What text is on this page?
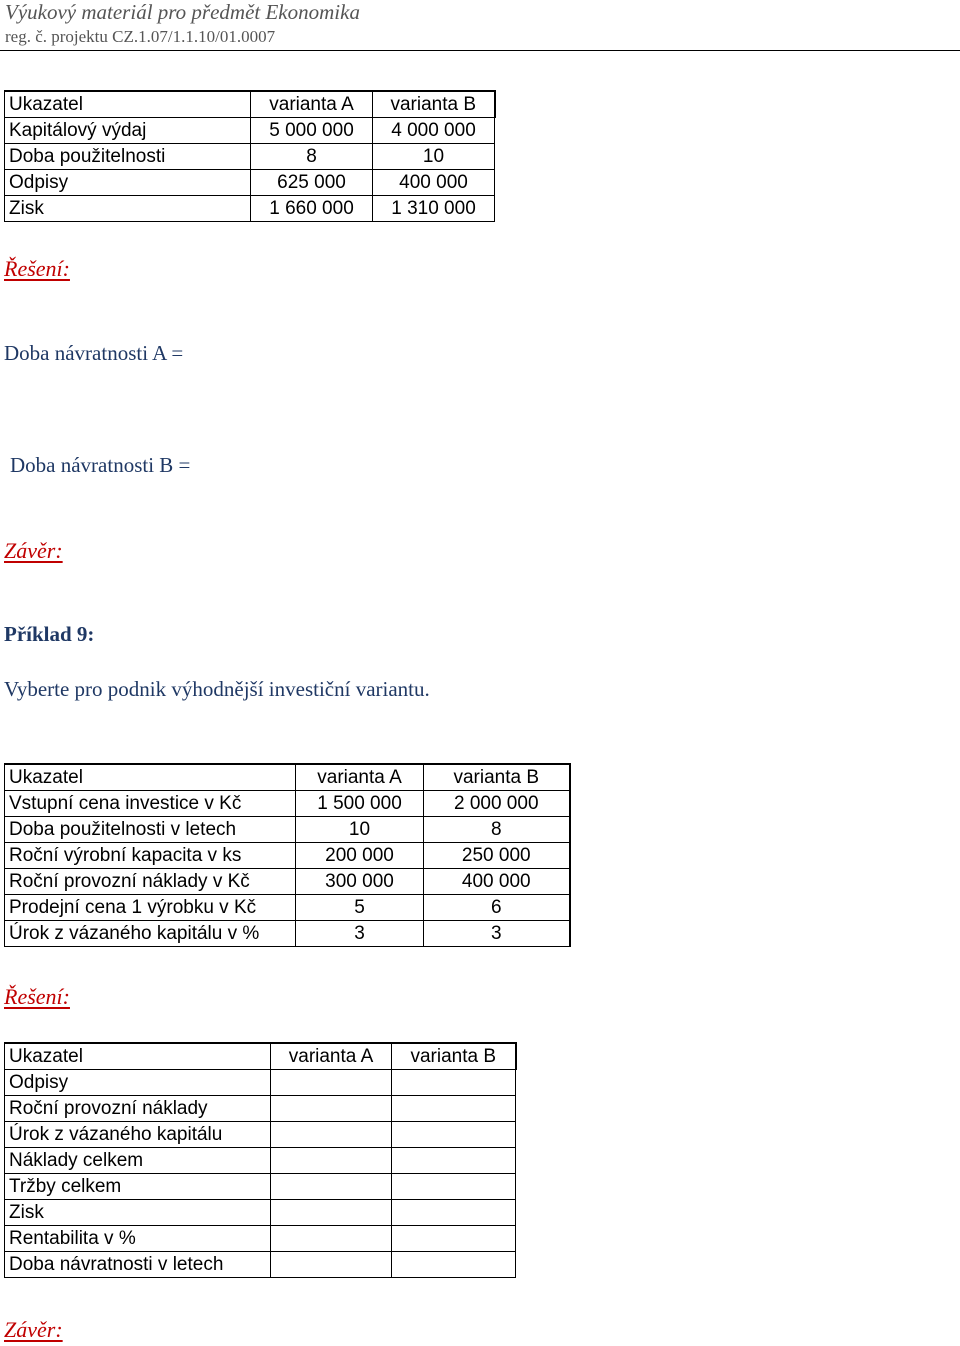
Výukový materiál pro předmět Ekonomika
reg. č. projektu CZ.1.07/1.1.10/01.0007
Ukazatel	varianta A	varianta B
Kapitálový výdaj	5 000 000	4 000 000
Doba použitelnosti	8	10
Odpisy	625 000	400 000
Zisk	1 660 000	1 310 000
Řešení:
Doba návratnosti A =
Doba návratnosti B =
Závěr:
Příklad 9:
Vyberte pro podnik výhodnější investiční variantu.
Ukazatel	varianta A	varianta B
Vstupní cena investice v Kč	1 500 000	2 000 000
Doba použitelnosti v letech	10	8
Roční výrobní kapacita v ks	200 000	250 000
Roční provozní náklady v Kč	300 000	400 000
Prodejní cena 1 výrobku v Kč	5	6
Úrok z vázaného kapitálu v %	3	3
Řešení:
Ukazatel	varianta A	varianta B
Odpisy		
Roční provozní náklady		
Úrok z vázaného kapitálu		
Náklady celkem		
Tržby celkem		
Zisk		
Rentabilita v %		
Doba návratnosti v letech		
Závěr:
